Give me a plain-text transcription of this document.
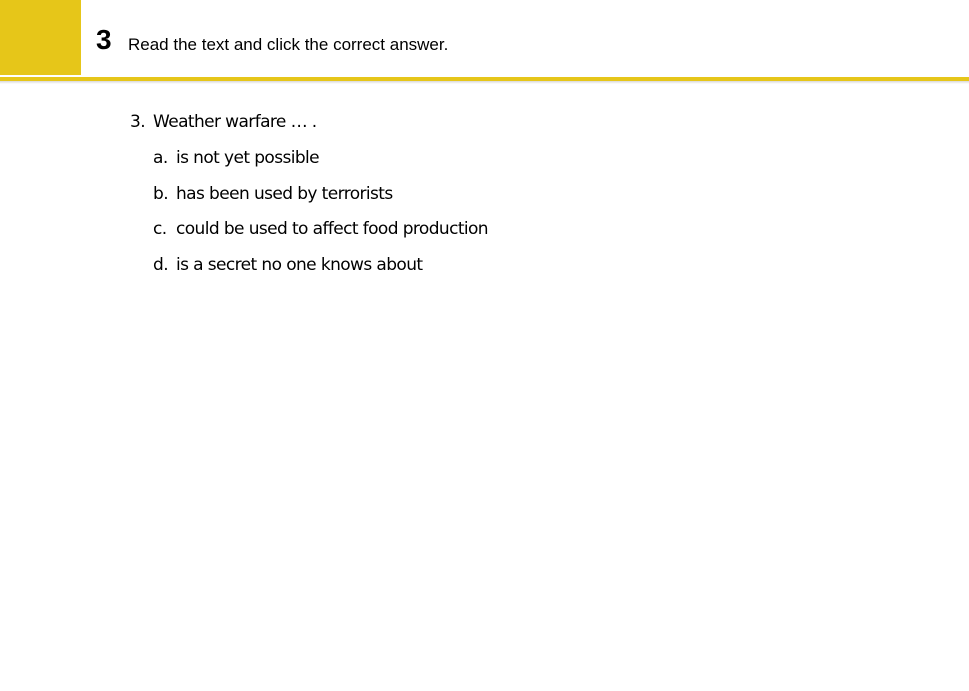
3 Read the text and click the correct answer.
3. Weather warfare … .
a. is not yet possible
b. has been used by terrorists
c. could be used to affect food production
d. is a secret no one knows about
